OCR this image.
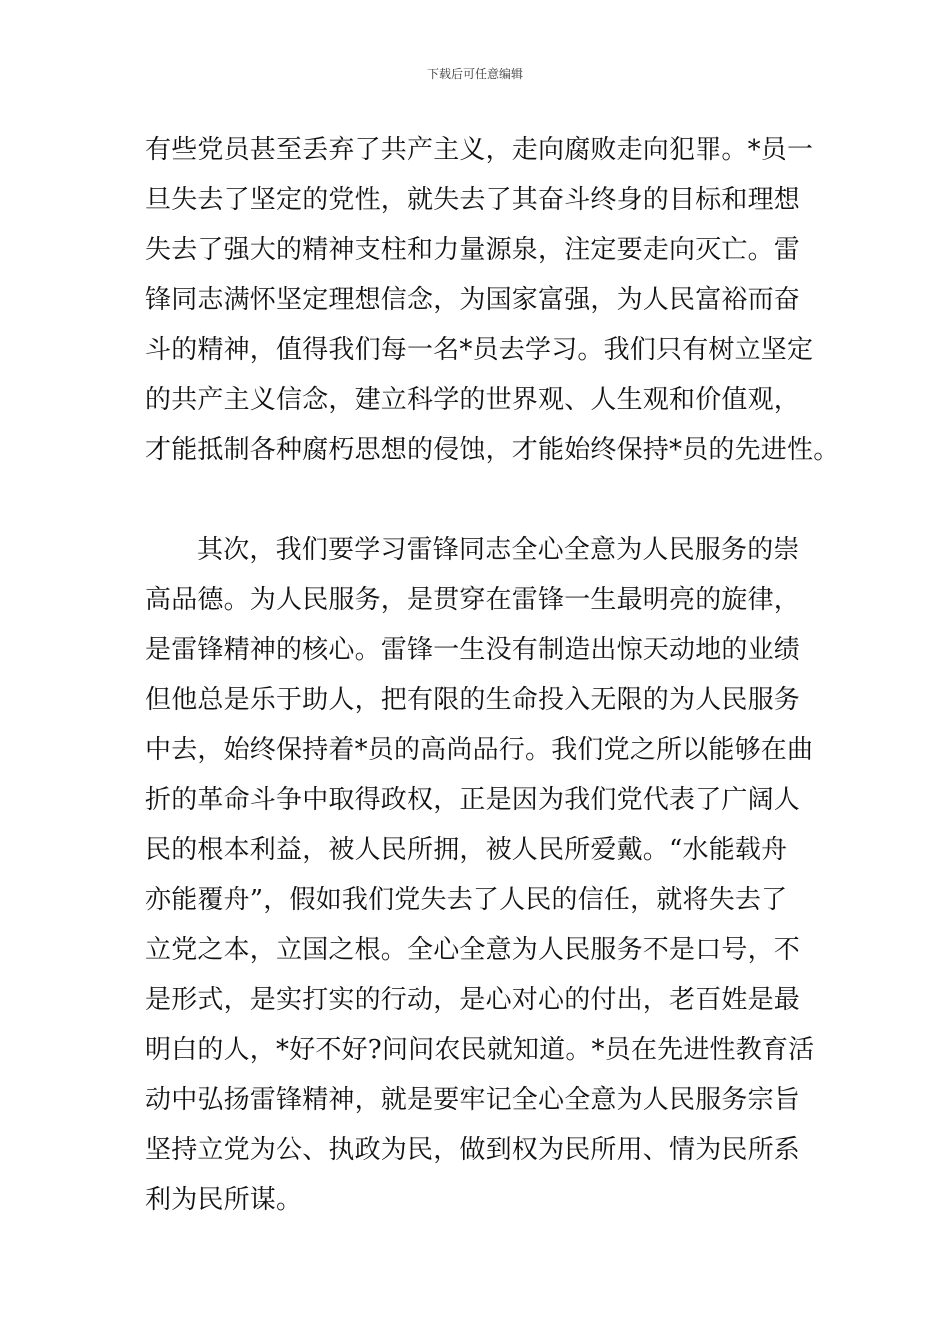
下载后可任意编辑
有些党员甚至丢弃了共产主义，走向腐败走向犯罪。*员一
旦失去了坚定的党性，就失去了其奋斗终身的目标和理想
失去了强大的精神支柱和力量源泉，注定要走向灭亡。雷
锋同志满怀坚定理想信念，为国家富强，为人民富裕而奋
斗的精神，值得我们每一名*员去学习。我们只有树立坚定
的共产主义信念，建立科学的世界观、人生观和价值观，
才能抵制各种腐朽思想的侵蚀，才能始终保持*员的先进性。
其次，我们要学习雷锋同志全心全意为人民服务的崇
高品德。为人民服务，是贯穿在雷锋一生最明亮的旋律，
是雷锋精神的核心。雷锋一生没有制造出惊天动地的业绩
但他总是乐于助人，把有限的生命投入无限的为人民服务
中去，始终保持着*员的高尚品行。我们党之所以能够在曲
折的革命斗争中取得政权，正是因为我们党代表了广阔人
民的根本利益，被人民所拥，被人民所爱戴。“水能载舟
亦能覆舟”，假如我们党失去了人民的信任，就将失去了
立党之本，立国之根。全心全意为人民服务不是口号，不
是形式，是实打实的行动，是心对心的付出，老百姓是最
明白的人，*好不好?问问农民就知道。*员在先进性教育活
动中弘扬雷锋精神，就是要牢记全心全意为人民服务宗旨
坚持立党为公、执政为民，做到权为民所用、情为民所系
利为民所谋。
